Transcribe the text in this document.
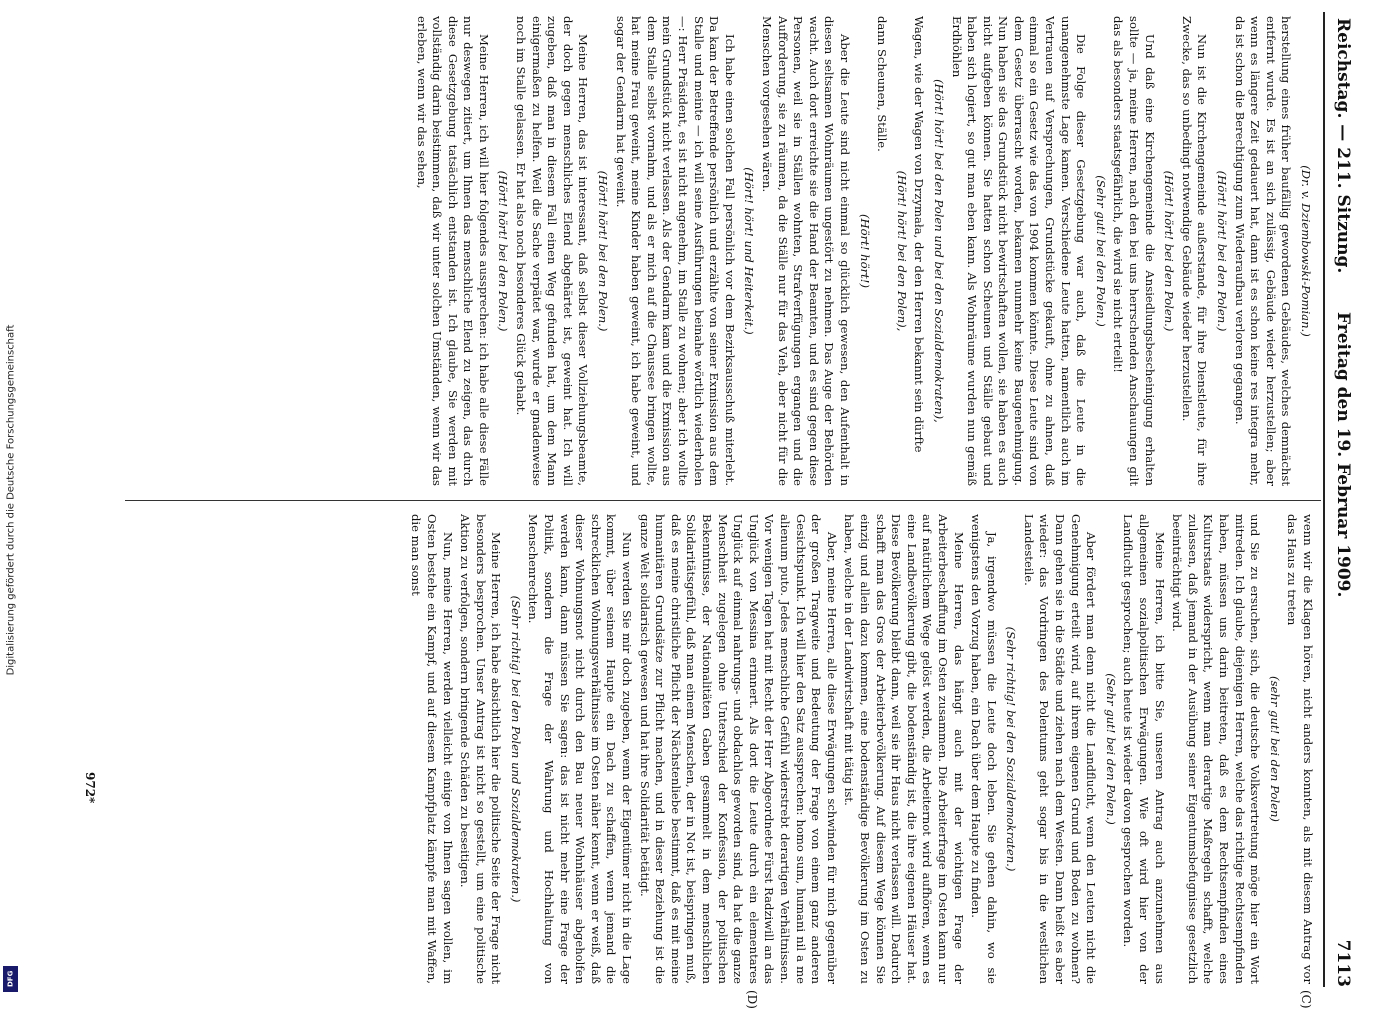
Digitalisierung gefördert durch die Deutsche Forschungsgemeinschaft
DFG
Reichstag. — 211. Sitzung.
Freitag den 19. Februar 1909.
7113
(C)
(D)

(Dr. v. Dziembowski-Pomian.)

herstellung eines früher baufällig gewordenen Gebäudes, welches demnächst entfernt wurde. Es ist an sich zulässig, Gebäude wieder herzustellen; aber wenn es längere Zeit gedauert hat, dann ist es schon keine res integra mehr, da ist schon die Berechtigung zum Wiederaufbau verloren gegangen.

(Hört! hört! bei den Polen.)

Nun ist die Kirchengemeinde außerstande, für ihre Dienstleute, für ihre Zwecke, das so unbedingt notwendige Gebäude wieder herzustellen.

(Hört! hört! bei den Polen.)

Und daß eine Kirchengemeinde die Ansiedlungsbescheinigung erhalten sollte — ja, meine Herren, nach den bei uns herrschenden Anschauungen gilt das als besonders staatsgefährlich, die wird sie nicht erteilt!

(Sehr gut! bei den Polen.)

Die Folge dieser Gesetzgebung war auch, daß die Leute in die unangenehmste Lage kamen. Verschiedene Leute hatten, namentlich auch im Vertrauen auf Versprechungen, Grundstücke gekauft, ohne zu ahnen, daß einmal so ein Gesetz wie das von 1904 kommen könnte. Diese Leute sind von dem Gesetz überrascht worden, bekamen nunmehr keine Baugenehmigung. Nun haben sie das Grundstück nicht bewirtschaften wollen, sie haben es auch nicht aufgeben können. Sie hatten schon Scheunen und Ställe gebaut und haben sich logiert, so gut man eben kann. Als Wohnräume wurden nun gemäß Erdhöhlen

(Hört! hört! bei den Polen und bei den Sozialdemokraten),

Wagen, wie der Wagen von Drzymała, der den Herren bekannt sein dürfte

(Hört! hört! bei den Polen),

dann Scheunen, Ställe.

(Hört! hört!)

Aber die Leute sind nicht einmal so glücklich gewesen, den Aufenthalt in diesen seltsamen Wohnräumen ungestört zu nehmen. Das Auge der Behörden wacht. Auch dort erreichte sie die Hand der Beamten, und es sind gegen diese Personen, weil sie in Ställen wohnten, Strafverfügungen ergangen und die Aufforderung, sie zu räumen, da die Ställe nur für das Vieh, aber nicht für die Menschen vorgesehen wären.

(Hört! hört! und Heiterkeit.)

Ich habe einen solchen Fall persönlich vor dem Bezirksausschuß miterlebt. Da kam der Betreffende persönlich und erzählte von seiner Exmission aus dem Stalle und meinte — ich will seine Ausführungen beinahe wörtlich wiederholen —: Herr Präsident, es ist nicht angenehm, im Stalle zu wohnen; aber ich wollte mein Grundstück nicht verlassen. Als der Gendarm kam und die Exmission aus dem Stalle selbst vornahm, und als er mich auf die Chaussee bringen wollte, hat meine Frau geweint, meine Kinder haben geweint, ich habe geweint, und sogar der Gendarm hat geweint.

(Hört! hört! bei den Polen.)

Meine Herren, das ist interessant, daß selbst dieser Vollziehungsbeamte, der doch gegen menschliches Elend abgehärtet ist, geweint hat. Ich will zugeben, daß man in diesem Fall einen Weg gefunden hat, um dem Mann einigermaßen zu helfen. Weil die Sache verpätet war, wurde er gnadenweise noch im Stalle gelassen. Er hat also noch besonderes Glück gehabt.

(Hört! hört! bei den Polen.)

Meine Herren, ich will hier folgendes aussprechen: ich habe alle diese Fälle nur deswegen zitiert, um Ihnen das menschliche Elend zu zeigen, das durch diese Gesetzgebung tatsächlich entstanden ist. Ich glaube, Sie werden mit vollständig darin beistimmen, daß wir unter solchen Umständen, wenn wir das erleben, wenn wir das sehen,

wenn wir die Klagen hören, nicht anders konnten, als mit diesem Antrag vor das Haus zu treten

(sehr gut! bei den Polen)

und Sie zu ersuchen, sich, die deutsche Volksvertretung möge hier ein Wort mitreden. Ich glaube, diejenigen Herren, welche das richtige Rechtsempfinden haben, müssen uns darin beitreten, daß es dem Rechtsempfinden eines Kulturstaats widerspricht, wenn man derartige Maßregeln schafft, welche zulassen, daß jemand in der Ausübung seiner Eigentumsbefugnisse gesetzlich beeinträchtigt wird.

Meine Herren, ich bitte Sie, unseren Antrag auch anzunehmen aus allgemeinen sozialpolitischen Erwägungen. Wie oft wird hier von der Landflucht gesprochen; auch heute ist wieder davon gesprochen worden.

(Sehr gut! bei den Polen.)

Aber fördert man denn nicht die Landflucht, wenn den Leuten nicht die Genehmigung erteilt wird, auf ihrem eigenen Grund und Boden zu wohnen? Dann gehen sie in die Städte und ziehen nach dem Westen. Dann heißt es aber wieder: das Vordringen des Polentums geht sogar bis in die westlichen Landesteile.

(Sehr richtig! bei den Sozialdemokraten.)

Ja, irgendwo müssen die Leute doch leben. Sie gehen dahin, wo sie wenigstens den Vorzug haben, ein Dach über dem Haupte zu finden.

Meine Herren, das hängt auch mit der wichtigen Frage der Arbeiterbeschaffung im Osten zusammen. Die Arbeiterfrage im Osten kann nur auf natürlichem Wege gelöst werden, die Arbeiternot wird aufhören, wenn es eine Landbevölkerung gibt, die bodenständig ist, die ihre eigenen Häuser hat. Diese Bevölkerung bleibt dann, weil sie ihr Haus nicht verlassen will. Dadurch schafft man das Gros der Arbeiterbevölkerung. Auf diesem Wege können Sie einzig und allein dazu kommen, eine bodenständige Bevölkerung im Osten zu haben, welche in der Landwirtschaft mit tätig ist.

Aber, meine Herren, alle diese Erwägungen schwinden für mich gegenüber der großen Tragweite und Bedeutung der Frage von einem ganz anderen Gesichtspunkt. Ich will hier den Satz aussprechen: homo sum, humani nil a me alienum puto. Jedes menschliche Gefühl widerstrebt derartigen Verhältnissen. Vor wenigen Tagen hat mit Recht der Herr Abgeordnete Fürst Radziwill an das Unglück von Messina erinnert. Als dort die Leute durch ein elementares Unglück auf einmal nahrungs- und obdachlos geworden sind, da hat die ganze Menschheit zugelegen ohne Unterschied der Konfession, der politischen Bekenntnisse, der Nationalitäten Gaben gesammelt in dem menschlichen Solidaritätsgefühl, daß man einem Menschen, der in Not ist, beispringen muß, daß es meine christliche Pflicht der Nächstenliebe bestimmt, daß es mit meine humanitären Grundsätze zur Pflicht machen, und in dieser Beziehung ist die ganze Welt solidarisch gewesen und hat ihre Solidarität betätigt.

Nun werden Sie mir doch zugeben, wenn der Eigentümer nicht in die Lage kommt, über seinem Haupte ein Dach zu schaffen, wenn jemand die schrecklichen Wohnungsverhältnisse im Osten näher kennt, wenn er weiß, daß dieser Wohnungsnot nicht durch den Bau neuer Wohnhäuser abgeholfen werden kann, dann müssen Sie sagen: das ist nicht mehr eine Frage der Politik, sondern die Frage der Wahrung und Hochhaltung von Menschenrechten.

(Sehr richtig! bei den Polen und Sozialdemokraten.)

Meine Herren, ich habe absichtlich hier die politische Seite der Frage nicht besonders besprochen. Unser Antrag ist nicht so gestellt, um eine politische Aktion zu verfolgen, sondern bringende Schäden zu beseitigen.

Nun, meine Herren, werden vielleicht einige von Ihnen sagen wollen, im Osten bestehe ein Kampf, und auf diesem Kampfplatz kämpfe man mit Waffen, die man sonst

972*
